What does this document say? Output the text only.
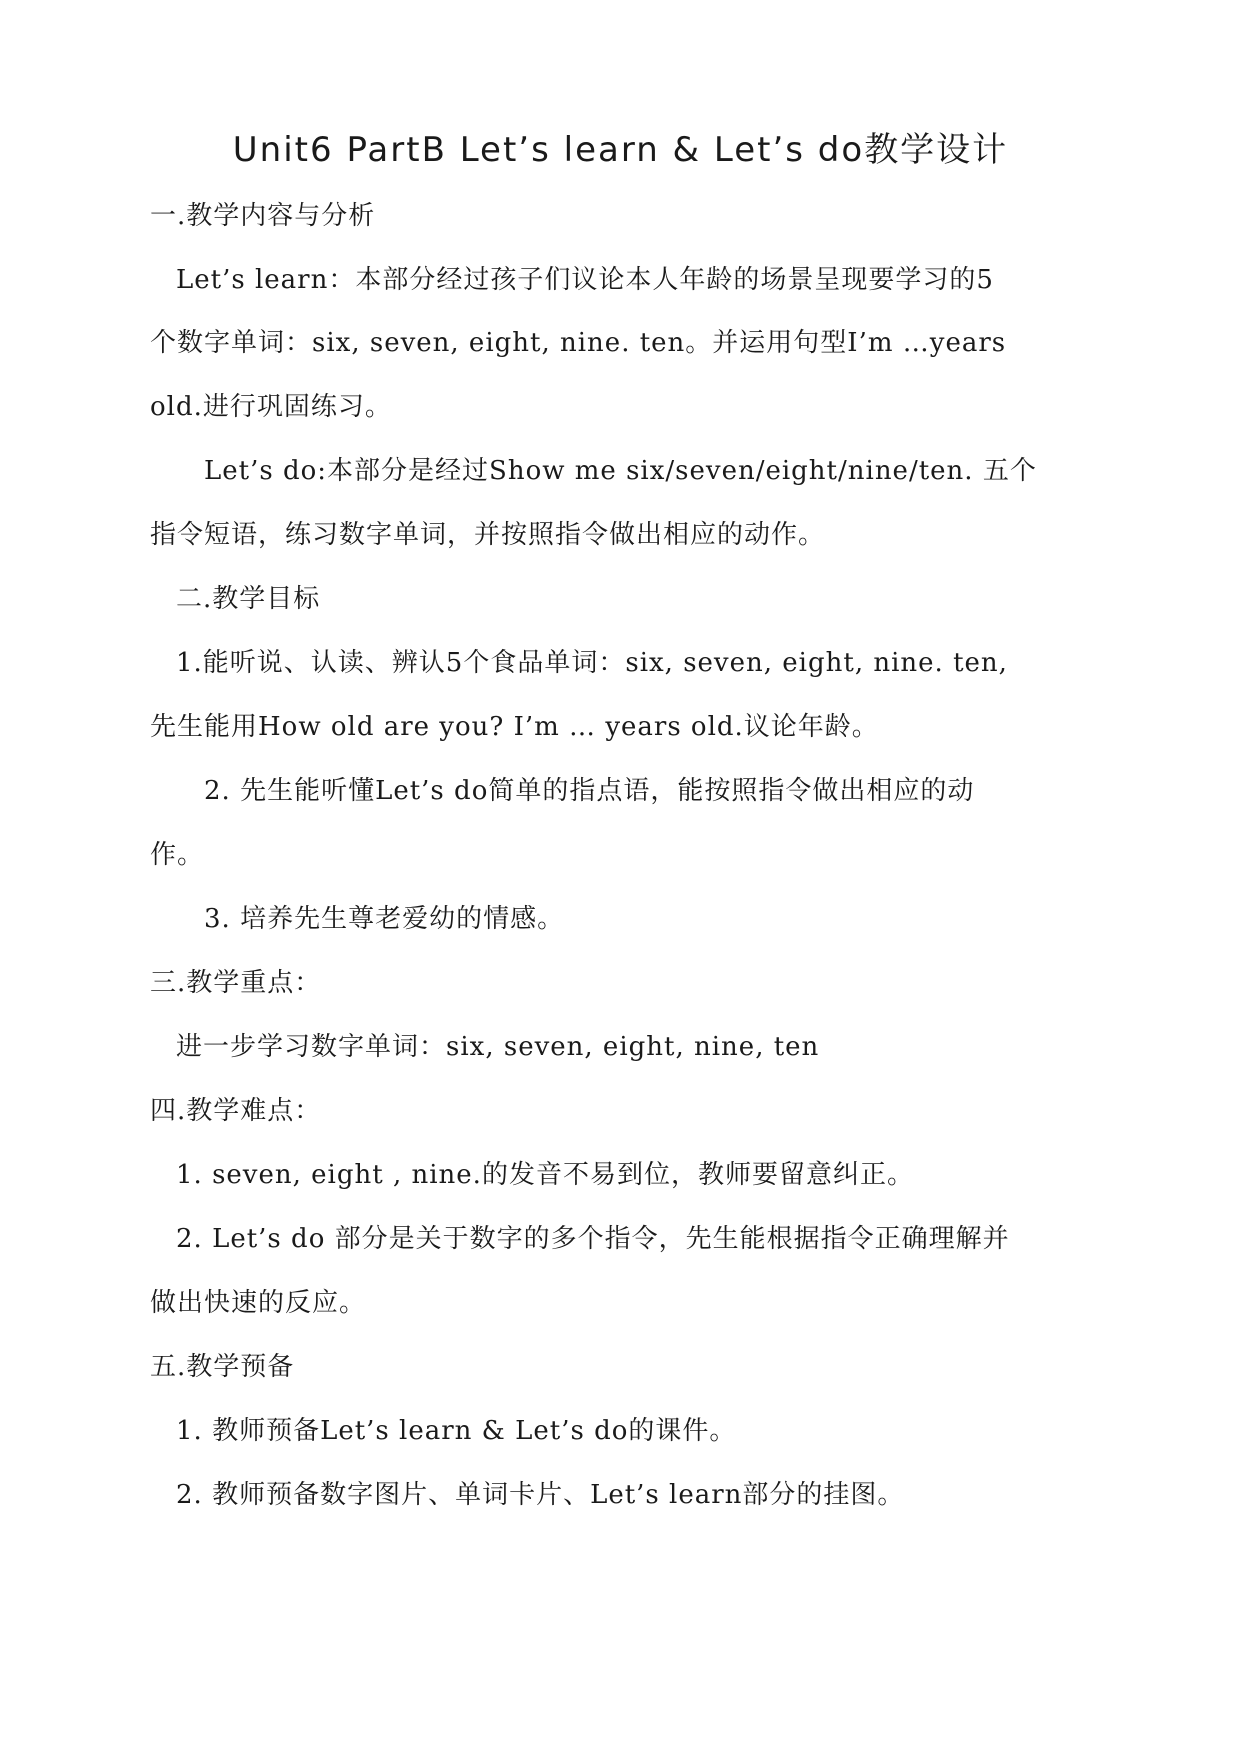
Unit6 PartB Let’s learn & Let’s do教学设计
一.教学内容与分析
Let’s learn：本部分经过孩子们议论本人年龄的场景呈现要学习的5
个数字单词：six, seven, eight, nine. ten。并运用句型I’m …years
old.进行巩固练习。
Let’s do:本部分是经过Show me six/seven/eight/nine/ten. 五个
指令短语，练习数字单词，并按照指令做出相应的动作。
二.教学目标
1.能听说、认读、辨认5个食品单词：six, seven, eight, nine. ten,
先生能用How old are you? I’m … years old.议论年龄。
2. 先生能听懂Let’s do简单的指点语，能按照指令做出相应的动
作。
3. 培养先生尊老爱幼的情感。
三.教学重点：
进一步学习数字单词：six, seven, eight, nine, ten
四.教学难点：
1. seven, eight , nine.的发音不易到位，教师要留意纠正。
2. Let’s do 部分是关于数字的多个指令，先生能根据指令正确理解并
做出快速的反应。
五.教学预备
1. 教师预备Let’s learn & Let’s do的课件。
2. 教师预备数字图片、单词卡片、Let’s learn部分的挂图。
